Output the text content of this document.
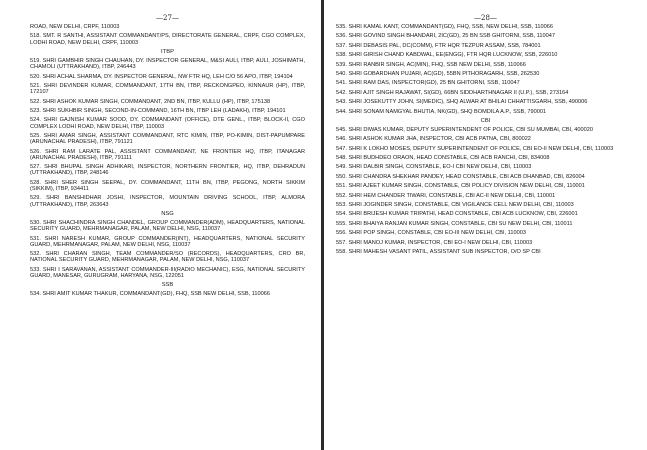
—27—
ROAD, NEW DELHI, CRPF, 110003
518. SMT. R SANTHI, ASSISTANT COMMANDANT/PS, DIRECTORATE GENERAL, CRPF, CGO COMPLEX, LODHI ROAD, NEW DELHI, CRPF, 110003
ITBP
519. SHRI GAMBHIR SINGH CHAUHAN, DY. INSPECTOR GENERAL, M&SI AULI, ITBP, AULI, JOSHIMATH, CHAMOLI (UTTRAKHAND), ITBP, 246443
520. SHRI ACHAL SHARMA, DY. INSPECTOR GENERAL, NW FTR HQ, LEH C/O 56 APO, ITBP, 194104
521. SHRI DEVINDER KUMAR, COMMANDANT, 17TH BN, ITBP, RECKONGPEO, KINNAUR (HP), ITBP, 172107
522. SHRI ASHOK KUMAR SINGH, COMMANDANT, 2ND BN, ITBP, KULLU (HP), ITBP, 175138
523. SHRI SUKHBIR SINGH, SECOND-IN-COMMAND, 16TH BN, ITBP LEH (LADAKH), ITBP, 194101
524. SHRI GAJNISH KUMAR SOOD, DY. COMMANDANT (OFFICE), DTE GENL., ITBP, BLOCK-II, CGO COMPLEX LODHI ROAD, NEW DELHI, ITBP, 110003
525. SHRI AMAR SINGH, ASSISTANT COMMANDANT, RTC KIMIN, ITBP, PO-KIMIN, DIST-PAPUMPARE (ARUNACHAL PRADESH), ITBP, 791121
526. SHRI RAM LARATE PAL, ASSISTANT COMMANDANT, NE FRONTIER HQ, ITBP, ITANAGAR (ARUNACHAL PRADESH), ITBP, 791111
527. SHRI BHUPAL SINGH ADHIKARI, INSPECTOR, NORTHERN FRONTIER, HQ, ITBP, DEHRADUN (UTTRAKHAND), ITBP, 248146
528. SHRI SHER SINGH SEEPAL, DY. COMMANDANT, 11TH BN, ITBP, PEGONG, NORTH SIKKIM (SIKKIM), ITBP, 934411
529. SHRI BANSHIDHAR JOSHI, INSPECTOR, MOUNTAIN DRIVING SCHOOL, ITBP, ALMORA (UTTRAKHAND), ITBP, 263643
NSG
530. SHRI SHACHINDRA SINGH CHANDEL, GROUP COMMANDER(ADM), HEADQUARTERS, NATIONAL SECURITY GUARD, MEHRMANAGAR, PALAM, NEW DELHI, NSG, 110037
531. SHRI NARESH KUMAR, GROUP COMMANDER(INT), HEADQUARTERS, NATIONAL SECURITY GUARD, MEHRMANAGAR, PALAM, NEW DELHI, NSG, 110037
532. SHRI CHARAN SINGH, TEAM COMMANDER/SO (RECORDS), HEADQUARTERS, CRO BR, NATIONAL SECURITY GUARD, MEHRMANAGAR, PALAM, NEW DELHI, NSG, 110037
533. SHRI I SARAVANAN, ASSISTANT COMMANDER-III(RADIO MECHANIC), ESG, NATIONAL SECURITY GUARD, MANESAR, GURUGRAM, HARYANA, NSG, 122051
SSB
534. SHRI AMIT KUMAR THAKUR, COMMANDANT(GD), FHQ, SSB NEW DELHI, SSB, 110066
—28—
535. SHRI KAMAL KANT, COMMANDANT(GD), FHQ, SSB, NEW DELHI, SSB, 110066
536. SHRI GOVIND SINGH BHANDARI, 2IC(GD), 25 BN SSB GHITORNI, SSB, 110047
537. SHRI DEBASIS PAL, DC(COMM), FTR HQR TEZPUR ASSAM, SSB, 784001
538. SHRI GIRISH CHAND KABDWAL, EE(ENGG), FTR HQR LUCKNOW, SSB, 226010
539. SHRI RANBIR SINGH, AC(MIN), FHQ, SSB NEW DELHI, SSB, 110066
540. SHRI GOBARDHAN PUJARI, AC(GD), 55BN PITHORAGARH, SSB, 262530
541. SHRI RAM DAS, INSPECTOR(GD), 25 BN GHITORNI, SSB, 110047
542. SHRI AJIT SINGH RAJAWAT, SI(GD), 66BN SIDDHARTHNAGAR II (U.P.), SSB, 273164
543. SHRI JOSEKUTTY JOHN, SI(MEDIC), SHQ ALWAR AT BHILAI CHHATTISGARH, SSB, 490006
544. SHRI SONAM NAMGYAL BHUTIA, NK(GD), SHQ BOMDILA A.P., SSB, 790001
CBI
545. SHRI DIWAS KUMAR, DEPUTY SUPERINTENDENT OF POLICE, CBI SU MUMBAI, CBI, 400020
546. SHRI ASHOK KUMAR JHA, INSPECTOR, CBI ACB PATNA, CBI, 800022
547. SHRI K LOKHO MOSES, DEPUTY SUPERINTENDENT OF POLICE, CBI EO-II NEW DELHI, CBI, 110003
548. SHRI BUDHDEO ORAON, HEAD CONSTABLE, CBI ACB RANCHI, CBI, 834008
549. SHRI DALBIR SINGH, CONSTABLE, EO-I CBI NEW DELHI, CBI, 110003
550. SHRI CHANDRA SHEKHAR PANDEY, HEAD CONSTABLE, CBI ACB DHANBAD, CBI, 826004
551. SHRI AJEET KUMAR SINGH, CONSTABLE, CBI POLICY DIVISION NEW DELHI, CBI, 110001
552. SHRI HEM CHANDER TIWARI, CONSTABLE, CBI AC-II NEW DELHI, CBI, 110001
553. SHRI JOGINDER SINGH, CONSTABLE, CBI VIGILANCE CELL NEW DELHI, CBI, 110003
554. SHRI BRIJESH KUMAR TRIPATHI, HEAD CONSTABLE, CBI ACB LUCKNOW, CBI, 226001
555. SHRI BHAIYA RANJAN KUMAR SINGH, CONSTABLE, CBI SU NEW DELHI, CBI, 110011
556. SHRI POP SINGH, CONSTABLE, CBI EO-III NEW DELHI, CBI, 110003
557. SHRI MANOJ KUMAR, INSPECTOR, CBI EO-I NEW DELHI, CBI, 110003
558. SHRI MAHESH VASANT PATIL, ASSISTANT SUB INSPECTOR, O/O SP CBI
